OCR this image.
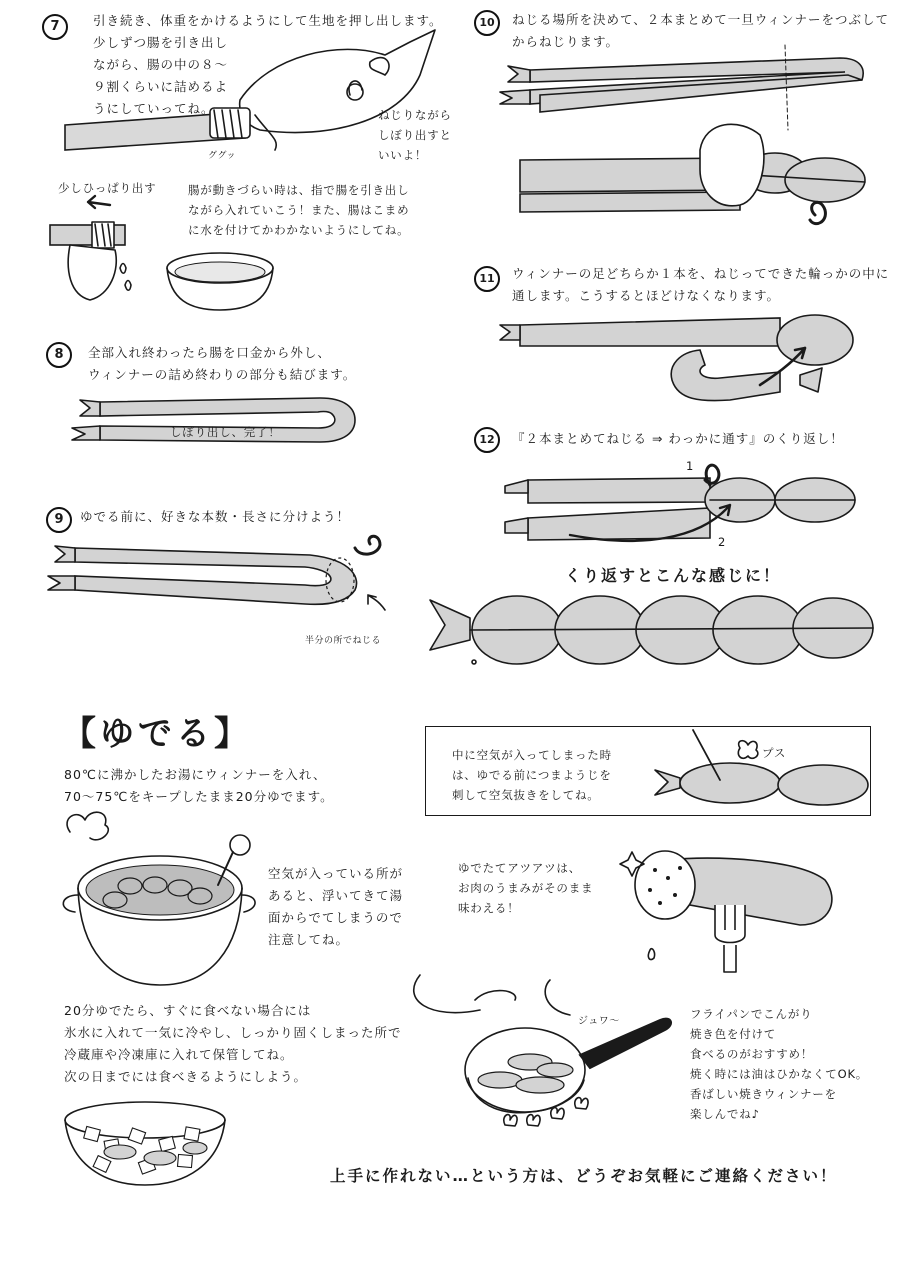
7	引き続き、体重をかけるようにして生地を押し出します。
少しずつ腸を引き出し
ながら、腸の中の８～
９割くらいに詰めるよ
うにしていってね。	ねじりながら
しぼり出すと
いいよ！
ググッ
少しひっぱり出す	腸が動きづらい時は、指で腸を引き出し
ながら入れていこう！また、腸はこまめ
に水を付けてかわかないようにしてね。
8	全部入れ終わったら腸を口金から外し、
ウィンナーの詰め終わりの部分も結びます。
しぼり出し、完了！
9	ゆでる前に、好きな本数・長さに分けよう！
半分の所でねじる
10	ねじる場所を決めて、２本まとめて一旦ウィンナーをつぶして
からねじります。
11	ウィンナーの足どちらか１本を、ねじってできた輪っかの中に
通します。こうするとほどけなくなります。
12	『２本まとめてねじる ⇒ わっかに通す』のくり返し！
1
2
くり返すとこんな感じに！
【ゆでる】
80℃に沸かしたお湯にウィンナーを入れ、
70～75℃をキープしたまま20分ゆでます。
中に空気が入ってしまった時
は、ゆでる前につまようじを
刺して空気抜きをしてね。
プス
空気が入っている所が
あると、浮いてきて湯
面からでてしまうので
注意してね。
ゆでたてアツアツは、
お肉のうまみがそのまま
味わえる！
20分ゆでたら、すぐに食べない場合には
氷水に入れて一気に冷やし、しっかり固くしまった所で
冷蔵庫や冷凍庫に入れて保管してね。
次の日までには食べきるようにしよう。
ジュワ～
フライパンでこんがり
焼き色を付けて
食べるのがおすすめ！
焼く時には油はひかなくてOK。
香ばしい焼きウィンナーを
楽しんでね♪
上手に作れない…という方は、どうぞお気軽にご連絡ください！
